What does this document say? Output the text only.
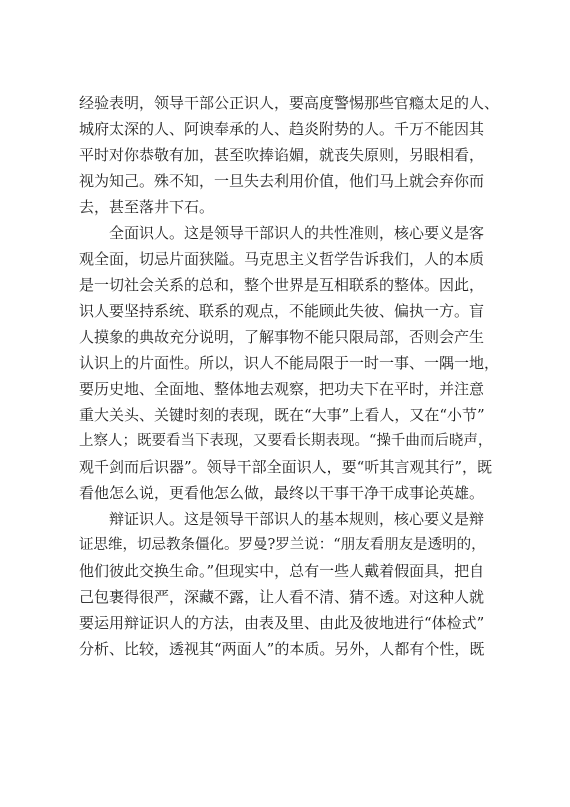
经验表明，领导干部公正识人，要高度警惕那些官瘾太足的人、
城府太深的人、阿谀奉承的人、趋炎附势的人。千万不能因其
平时对你恭敬有加，甚至吹捧谄媚，就丧失原则，另眼相看，
视为知己。殊不知，一旦失去利用价值，他们马上就会弃你而
去，甚至落井下石。
全面识人。这是领导干部识人的共性准则，核心要义是客
观全面，切忌片面狭隘。马克思主义哲学告诉我们，人的本质
是一切社会关系的总和，整个世界是互相联系的整体。因此，
识人要坚持系统、联系的观点，不能顾此失彼、偏执一方。盲
人摸象的典故充分说明，了解事物不能只限局部，否则会产生
认识上的片面性。所以，识人不能局限于一时一事、一隅一地，
要历史地、全面地、整体地去观察，把功夫下在平时，并注意
重大关头、关键时刻的表现，既在“大事”上看人，又在“小节”
上察人；既要看当下表现，又要看长期表现。“操千曲而后晓声，
观千剑而后识器”。领导干部全面识人，要“听其言观其行”，既
看他怎么说，更看他怎么做，最终以干事干净干成事论英雄。
辩证识人。这是领导干部识人的基本规则，核心要义是辩
证思维，切忌教条僵化。罗曼?罗兰说：“朋友看朋友是透明的，
他们彼此交换生命。”但现实中，总有一些人戴着假面具，把自
己包裹得很严，深藏不露，让人看不清、猜不透。对这种人就
要运用辩证识人的方法，由表及里、由此及彼地进行“体检式”
分析、比较，透视其“两面人”的本质。另外，人都有个性，既
